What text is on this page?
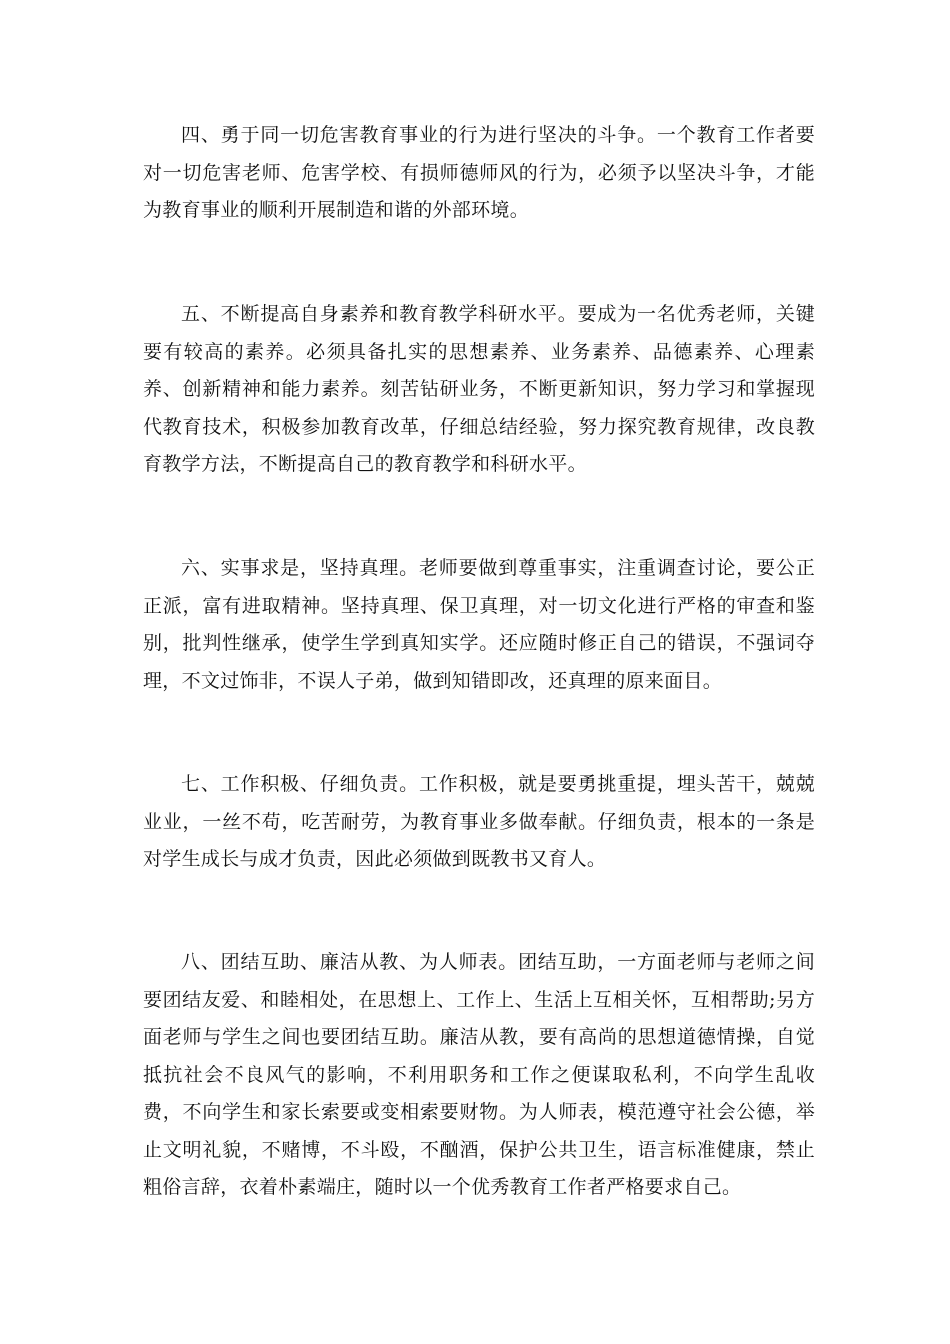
四、勇于同一切危害教育事业的行为进行坚决的斗争。一个教育工作者要对一切危害老师、危害学校、有损师德师风的行为，必须予以坚决斗争，才能为教育事业的顺利开展制造和谐的外部环境。

五、不断提高自身素养和教育教学科研水平。要成为一名优秀老师，关键要有较高的素养。必须具备扎实的思想素养、业务素养、品德素养、心理素养、创新精神和能力素养。刻苦钻研业务，不断更新知识，努力学习和掌握现代教育技术，积极参加教育改革，仔细总结经验，努力探究教育规律，改良教育教学方法，不断提高自己的教育教学和科研水平。

六、实事求是，坚持真理。老师要做到尊重事实，注重调查讨论，要公正正派，富有进取精神。坚持真理、保卫真理，对一切文化进行严格的审查和鉴别，批判性继承，使学生学到真知实学。还应随时修正自己的错误，不强词夺理，不文过饰非，不误人子弟，做到知错即改，还真理的原来面目。

七、工作积极、仔细负责。工作积极，就是要勇挑重提，埋头苦干，兢兢业业，一丝不苟，吃苦耐劳，为教育事业多做奉献。仔细负责，根本的一条是对学生成长与成才负责，因此必须做到既教书又育人。

八、团结互助、廉洁从教、为人师表。团结互助，一方面老师与老师之间要团结友爱、和睦相处，在思想上、工作上、生活上互相关怀，互相帮助;另方面老师与学生之间也要团结互助。廉洁从教，要有高尚的思想道德情操，自觉抵抗社会不良风气的影响，不利用职务和工作之便谋取私利，不向学生乱收费，不向学生和家长索要或变相索要财物。为人师表，模范遵守社会公德，举止文明礼貌，不赌博，不斗殴，不酗酒，保护公共卫生，语言标准健康，禁止粗俗言辞，衣着朴素端庄，随时以一个优秀教育工作者严格要求自己。
